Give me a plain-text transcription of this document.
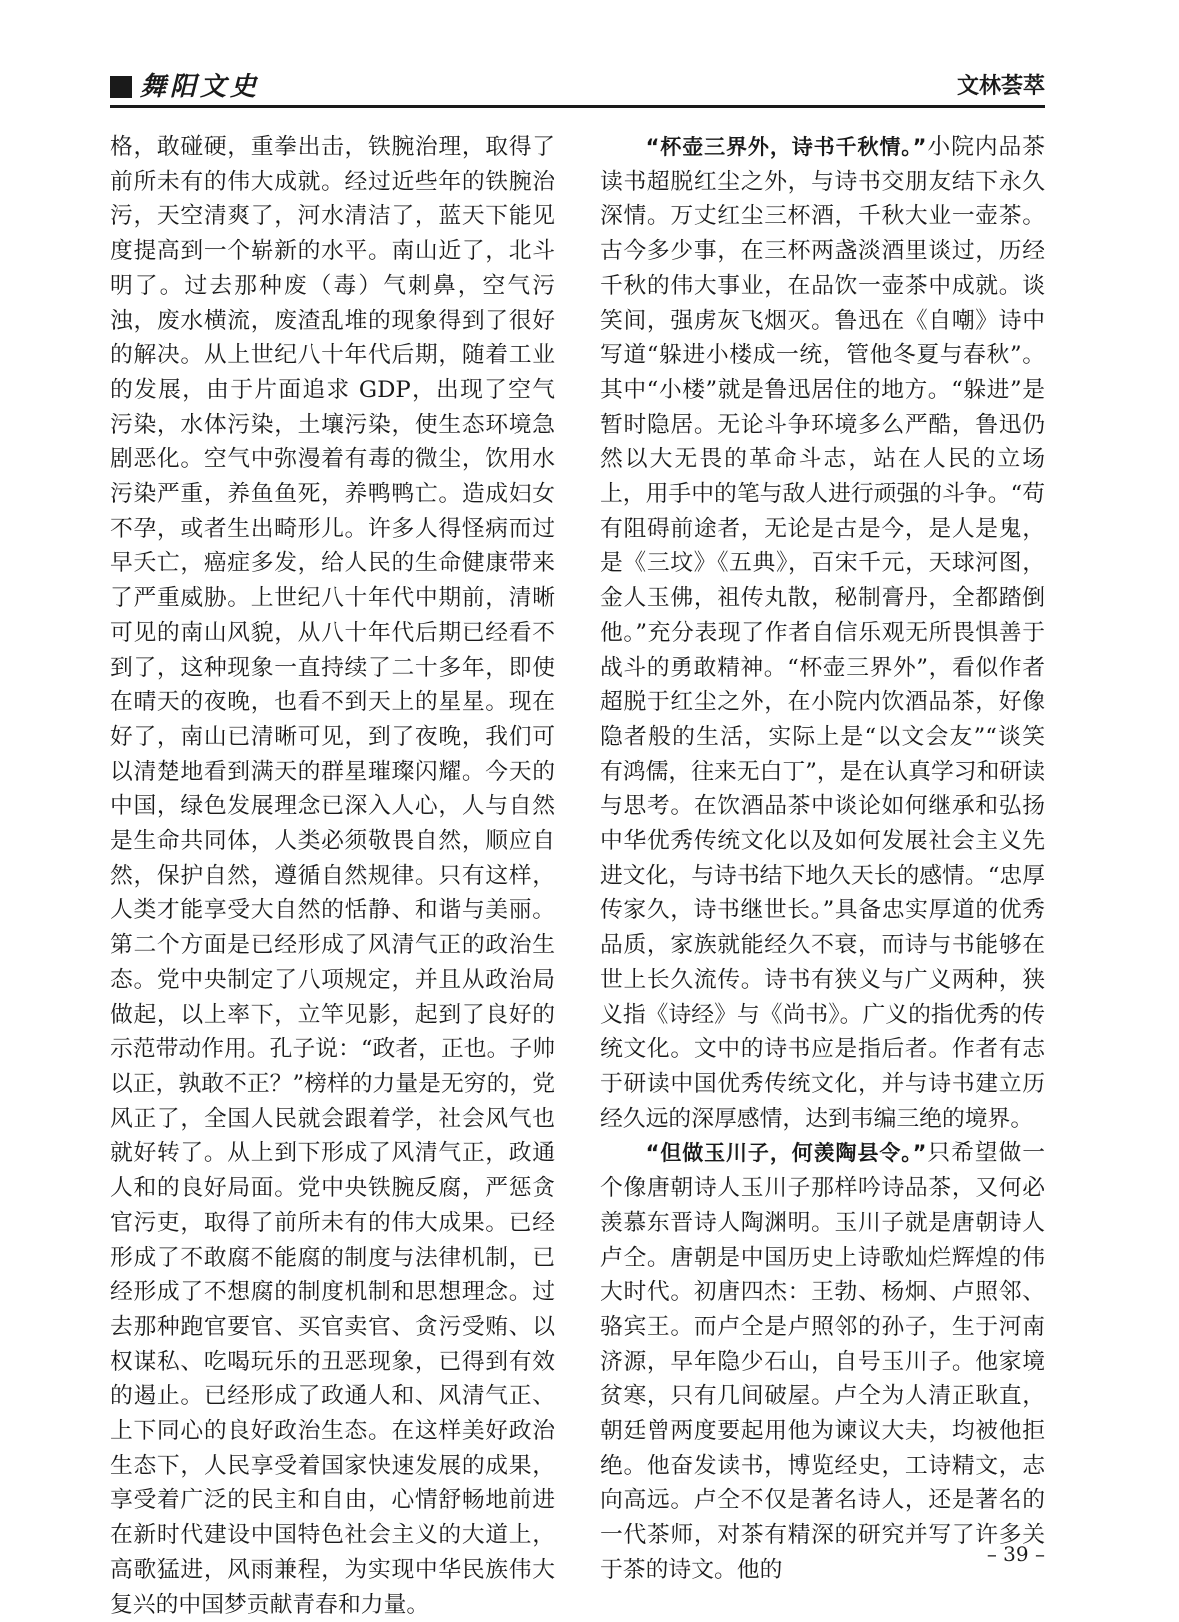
舞阳文史	文林荟萃

格，敢碰硬，重拳出击，铁腕治理，取得了前所未有的伟大成就。经过近些年的铁腕治污，天空清爽了，河水清洁了，蓝天下能见度提高到一个崭新的水平。南山近了，北斗明了。过去那种废（毒）气刺鼻，空气污浊，废水横流，废渣乱堆的现象得到了很好的解决。从上世纪八十年代后期，随着工业的发展，由于片面追求 GDP，出现了空气污染，水体污染，土壤污染，使生态环境急剧恶化。空气中弥漫着有毒的微尘，饮用水污染严重，养鱼鱼死，养鸭鸭亡。造成妇女不孕，或者生出畸形儿。许多人得怪病而过早夭亡，癌症多发，给人民的生命健康带来了严重威胁。上世纪八十年代中期前，清晰可见的南山风貌，从八十年代后期已经看不到了，这种现象一直持续了二十多年，即使在晴天的夜晚，也看不到天上的星星。现在好了，南山已清晰可见，到了夜晚，我们可以清楚地看到满天的群星璀璨闪耀。今天的中国，绿色发展理念已深入人心，人与自然是生命共同体，人类必须敬畏自然，顺应自然，保护自然，遵循自然规律。只有这样，人类才能享受大自然的恬静、和谐与美丽。第二个方面是已经形成了风清气正的政治生态。党中央制定了八项规定，并且从政治局做起，以上率下，立竿见影，起到了良好的示范带动作用。孔子说：“政者，正也。子帅以正，孰敢不正？”榜样的力量是无穷的，党风正了，全国人民就会跟着学，社会风气也就好转了。从上到下形成了风清气正，政通人和的良好局面。党中央铁腕反腐，严惩贪官污吏，取得了前所未有的伟大成果。已经形成了不敢腐不能腐的制度与法律机制，已经形成了不想腐的制度机制和思想理念。过去那种跑官要官、买官卖官、贪污受贿、以权谋私、吃喝玩乐的丑恶现象，已得到有效的遏止。已经形成了政通人和、风清气正、上下同心的良好政治生态。在这样美好政治生态下，人民享受着国家快速发展的成果，享受着广泛的民主和自由，心情舒畅地前进在新时代建设中国特色社会主义的大道上，高歌猛进，风雨兼程，为实现中华民族伟大复兴的中国梦贡献青春和力量。

“杯壶三界外，诗书千秋情。”小院内品茶读书超脱红尘之外，与诗书交朋友结下永久深情。万丈红尘三杯酒，千秋大业一壶茶。古今多少事，在三杯两盏淡酒里谈过，历经千秋的伟大事业，在品饮一壶茶中成就。谈笑间，强虏灰飞烟灭。鲁迅在《自嘲》诗中写道“躲进小楼成一统，管他冬夏与春秋”。其中“小楼”就是鲁迅居住的地方。“躲进”是暂时隐居。无论斗争环境多么严酷，鲁迅仍然以大无畏的革命斗志，站在人民的立场上，用手中的笔与敌人进行顽强的斗争。“苟有阻碍前途者，无论是古是今，是人是鬼，是《三坟》《五典》，百宋千元，天球河图，金人玉佛，祖传丸散，秘制膏丹，全都踏倒他。”充分表现了作者自信乐观无所畏惧善于战斗的勇敢精神。“杯壶三界外”，看似作者超脱于红尘之外，在小院内饮酒品茶，好像隐者般的生活，实际上是“以文会友”“谈笑有鸿儒，往来无白丁”，是在认真学习和研读与思考。在饮酒品茶中谈论如何继承和弘扬中华优秀传统文化以及如何发展社会主义先进文化，与诗书结下地久天长的感情。“忠厚传家久，诗书继世长。”具备忠实厚道的优秀品质，家族就能经久不衰，而诗与书能够在世上长久流传。诗书有狭义与广义两种，狭义指《诗经》与《尚书》。广义的指优秀的传统文化。文中的诗书应是指后者。作者有志于研读中国优秀传统文化，并与诗书建立历经久远的深厚感情，达到韦编三绝的境界。

“但做玉川子，何羡陶县令。”只希望做一个像唐朝诗人玉川子那样吟诗品茶，又何必羡慕东晋诗人陶渊明。玉川子就是唐朝诗人卢仝。唐朝是中国历史上诗歌灿烂辉煌的伟大时代。初唐四杰：王勃、杨炯、卢照邻、骆宾王。而卢仝是卢照邻的孙子，生于河南济源，早年隐少石山，自号玉川子。他家境贫寒，只有几间破屋。卢仝为人清正耿直，朝廷曾两度要起用他为谏议大夫，均被他拒绝。他奋发读书，博览经史，工诗精文，志向高远。卢仝不仅是著名诗人，还是著名的一代茶师，对茶有精深的研究并写了许多关于茶的诗文。他的

– 39 –
